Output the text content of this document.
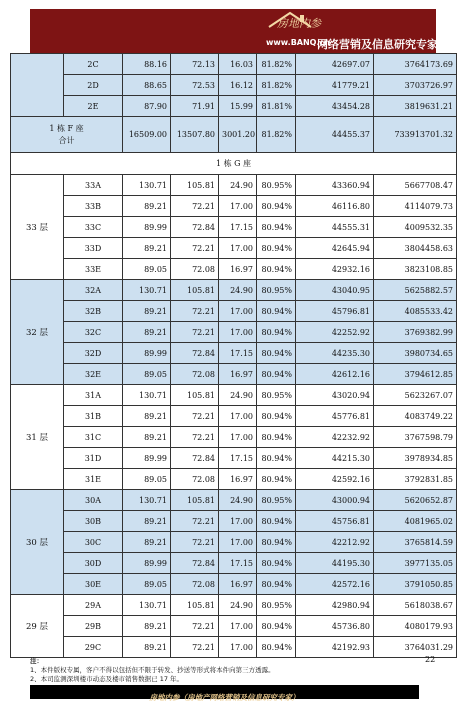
房地内参
www.BANQ.cn
网络营销及信息研究专家
	2C	88.16	72.13	16.03	81.82%	42697.07	3764173.69
	2D	88.65	72.53	16.12	81.82%	41779.21	3703726.97
	2E	87.90	71.91	15.99	81.81%	43454.28	3819631.21

1 栋 F 座
合计		16509.00	13507.80	3001.20	81.82%	44455.37	733913701.32
1 栋 G 座							
33 层	33A	130.71	105.81	24.90	80.95%	43360.94	5667708.47
	33B	89.21	72.21	17.00	80.94%	46116.80	4114079.73
	33C	89.99	72.84	17.15	80.94%	44555.31	4009532.35
	33D	89.21	72.21	17.00	80.94%	42645.94	3804458.63
	33E	89.05	72.08	16.97	80.94%	42932.16	3823108.85
32 层	32A	130.71	105.81	24.90	80.95%	43040.95	5625882.57
	32B	89.21	72.21	17.00	80.94%	45796.81	4085533.42
	32C	89.21	72.21	17.00	80.94%	42252.92	3769382.99
	32D	89.99	72.84	17.15	80.94%	44235.30	3980734.65
	32E	89.05	72.08	16.97	80.94%	42612.16	3794612.85
31 层	31A	130.71	105.81	24.90	80.95%	43020.94	5623267.07
	31B	89.21	72.21	17.00	80.94%	45776.81	4083749.22
	31C	89.21	72.21	17.00	80.94%	42232.92	3767598.79
	31D	89.99	72.84	17.15	80.94%	44215.30	3978934.85
	31E	89.05	72.08	16.97	80.94%	42592.16	3792831.85
30 层	30A	130.71	105.81	24.90	80.95%	43000.94	5620652.87
	30B	89.21	72.21	17.00	80.94%	45756.81	4081965.02
	30C	89.21	72.21	17.00	80.94%	42212.92	3765814.59
	30D	89.99	72.84	17.15	80.94%	44195.30	3977135.05
	30E	89.05	72.08	16.97	80.94%	42572.16	3791050.85
29 层	29A	130.71	105.81	24.90	80.95%	42980.94	5618038.67
	29B	89.21	72.21	17.00	80.94%	45736.80	4080179.93
	29C	89.21	72.21	17.00	80.94%	42192.93	3764031.29
22
注：
1、本件版权专属，客户不得以包括但不限于转发、抄送等形式将本件向第三方透露。
2、本司监测深圳楼市动态及楼市销售数据已 17 年。
房地内参（房地产网络营销及信息研究专家）
